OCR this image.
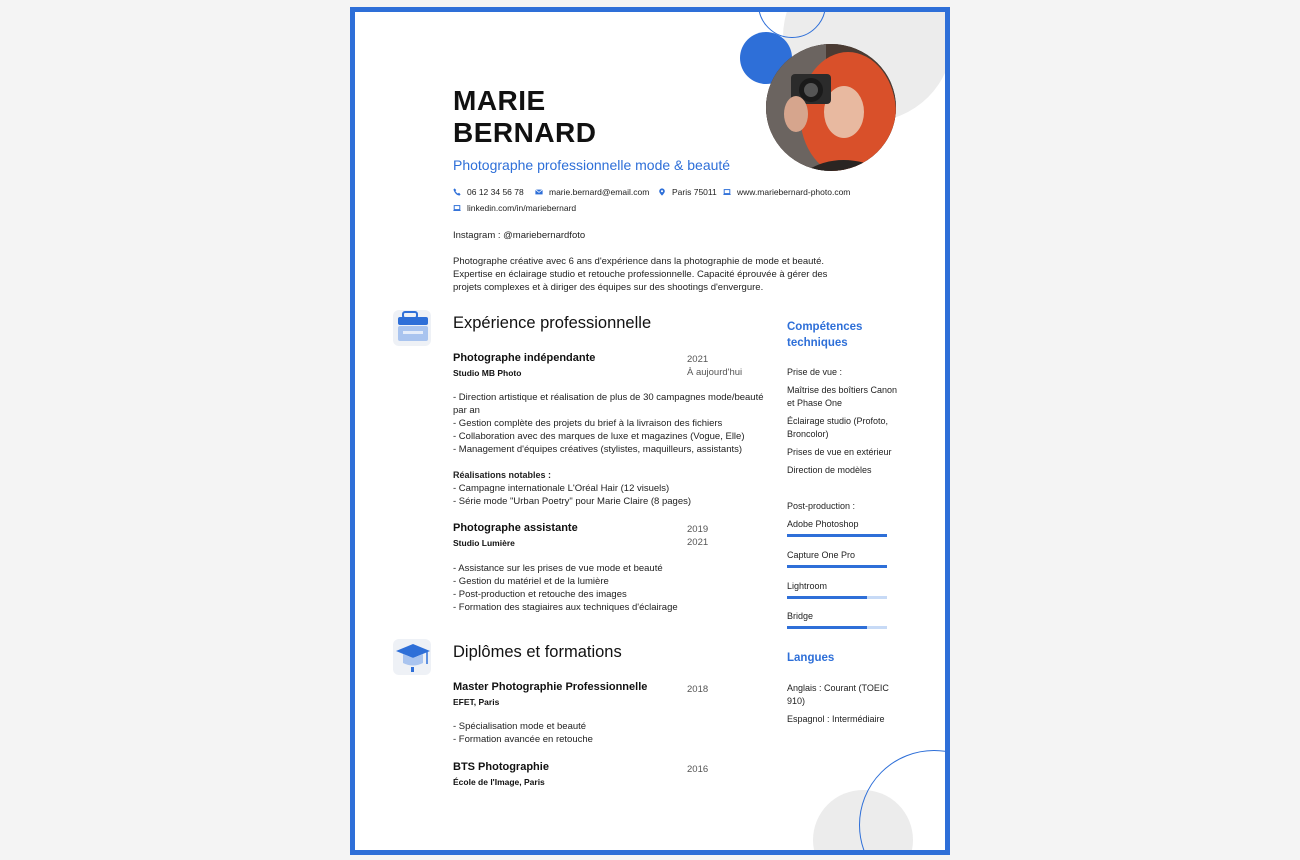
MARIE
BERNARD
Photographe professionnelle mode & beauté
06 12 34 56 78	marie.bernard@email.com	Paris 75011 www.mariebernard-photo.com
linkedin.com/in/mariebernard
Instagram : @mariebernardfoto
Photographe créative avec 6 ans d'expérience dans la photographie de mode et beauté.
Expertise en éclairage studio et retouche professionnelle. Capacité éprouvée à gérer des
projets complexes et à diriger des équipes sur des shootings d'envergure.
Expérience professionnelle
Photographe indépendante
Studio MB Photo
2021
À aujourd'hui
- Direction artistique et réalisation de plus de 30 campagnes mode/beauté
par an
- Gestion complète des projets du brief à la livraison des fichiers
- Collaboration avec des marques de luxe et magazines (Vogue, Elle)
- Management d'équipes créatives (stylistes, maquilleurs, assistants)
Réalisations notables :
- Campagne internationale L'Oréal Hair (12 visuels)
- Série mode "Urban Poetry" pour Marie Claire (8 pages)
Photographe assistante
Studio Lumière
2019
2021
- Assistance sur les prises de vue mode et beauté
- Gestion du matériel et de la lumière
- Post-production et retouche des images
- Formation des stagiaires aux techniques d'éclairage
Diplômes et formations
Master Photographie Professionnelle
EFET, Paris
2018
- Spécialisation mode et beauté
- Formation avancée en retouche
BTS Photographie
École de l'Image, Paris
2016
Compétences
techniques
Prise de vue :
Maîtrise des boîtiers Canon et Phase One
Éclairage studio (Profoto, Broncolor)
Prises de vue en extérieur
Direction de modèles
Post-production :
Adobe Photoshop
Capture One Pro
Lightroom
Bridge
Langues
Anglais : Courant (TOEIC 910)
Espagnol : Intermédiaire
